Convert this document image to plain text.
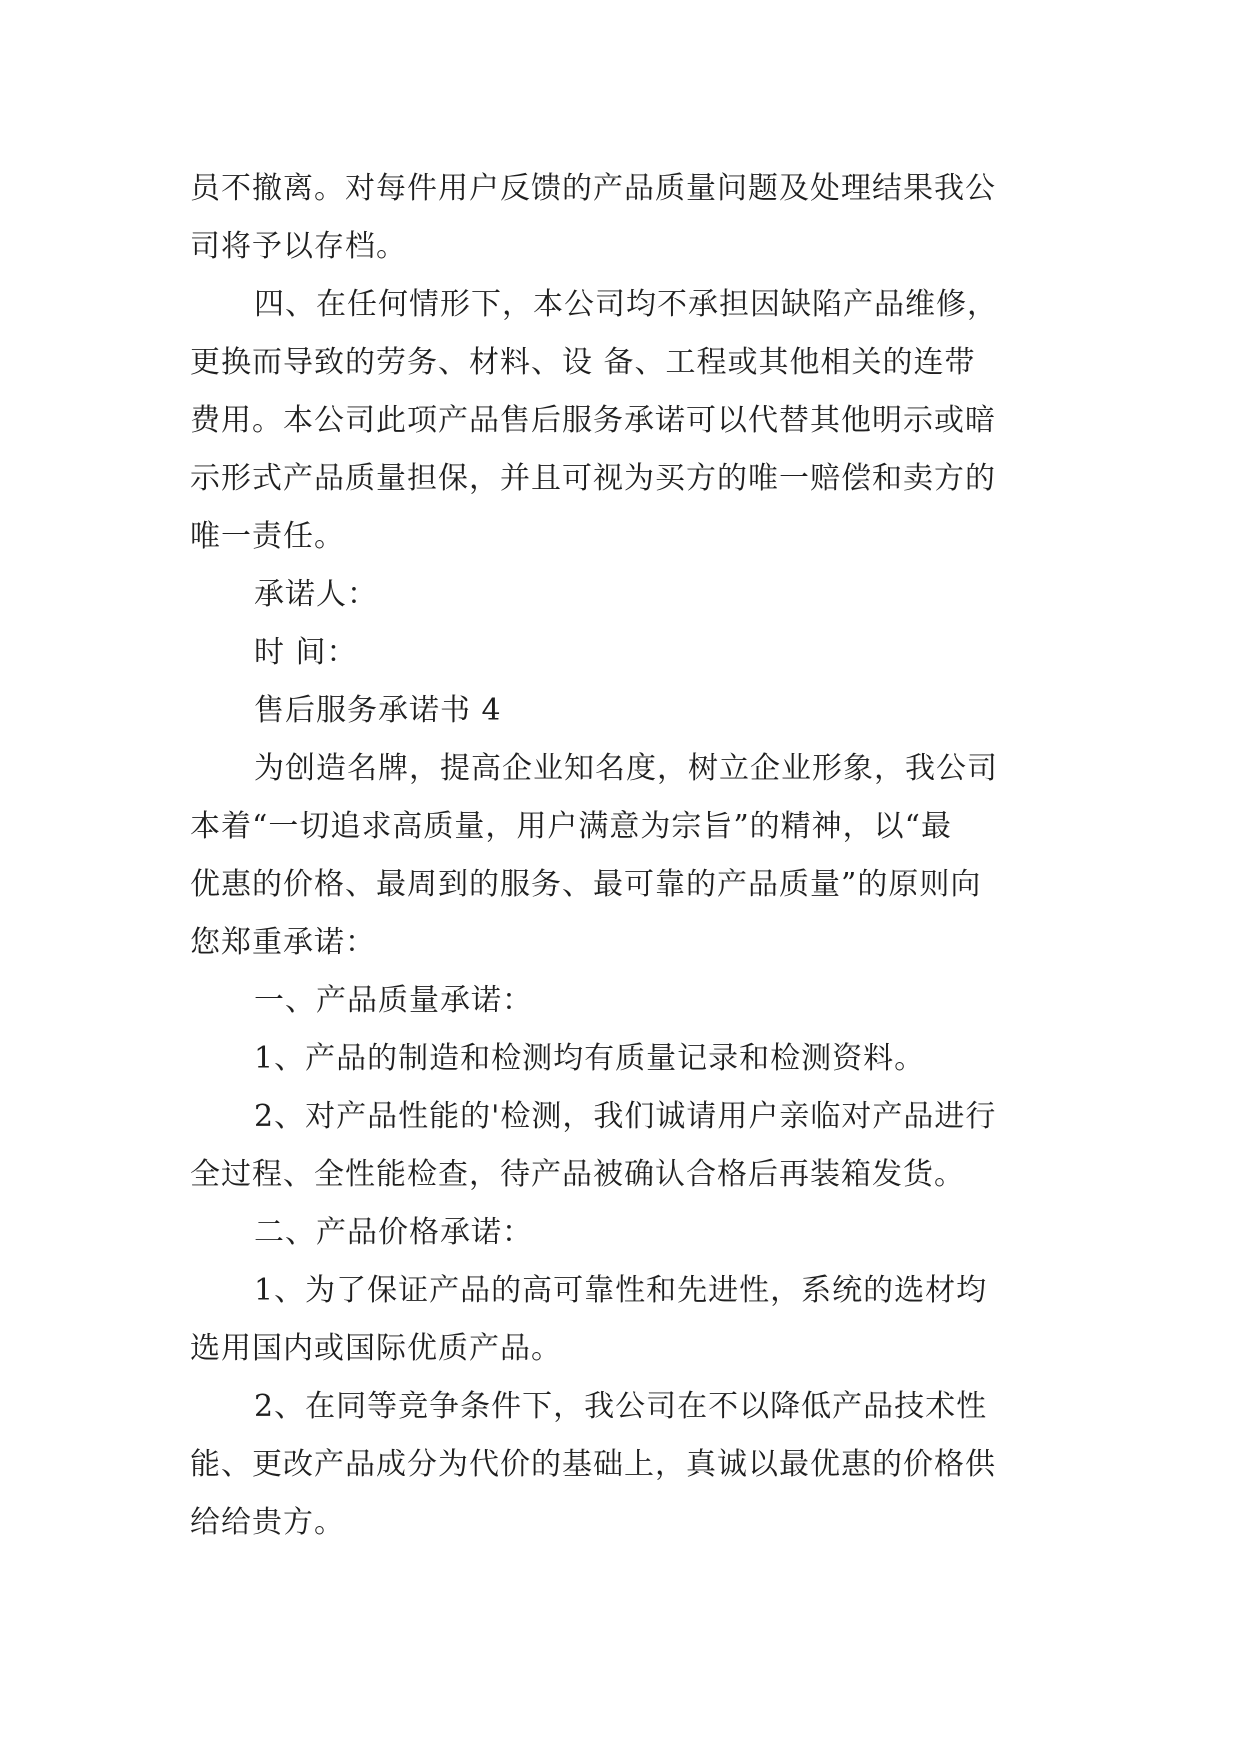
员不撤离。对每件用户反馈的产品质量问题及处理结果我公
司将予以存档。
四、在任何情形下，本公司均不承担因缺陷产品维修，
更换而导致的劳务、材料、设 备、工程或其他相关的连带
费用。本公司此项产品售后服务承诺可以代替其他明示或暗
示形式产品质量担保，并且可视为买方的唯一赔偿和卖方的
唯一责任。
承诺人：
时 间：
售后服务承诺书 4
为创造名牌，提高企业知名度，树立企业形象，我公司
本着“一切追求高质量，用户满意为宗旨”的精神，以“最
优惠的价格、最周到的服务、最可靠的产品质量”的原则向
您郑重承诺：
一、产品质量承诺：
1、产品的制造和检测均有质量记录和检测资料。
2、对产品性能的'检测，我们诚请用户亲临对产品进行
全过程、全性能检查，待产品被确认合格后再装箱发货。
二、产品价格承诺：
1、为了保证产品的高可靠性和先进性，系统的选材均
选用国内或国际优质产品。
2、在同等竞争条件下，我公司在不以降低产品技术性
能、更改产品成分为代价的基础上，真诚以最优惠的价格供
给给贵方。
